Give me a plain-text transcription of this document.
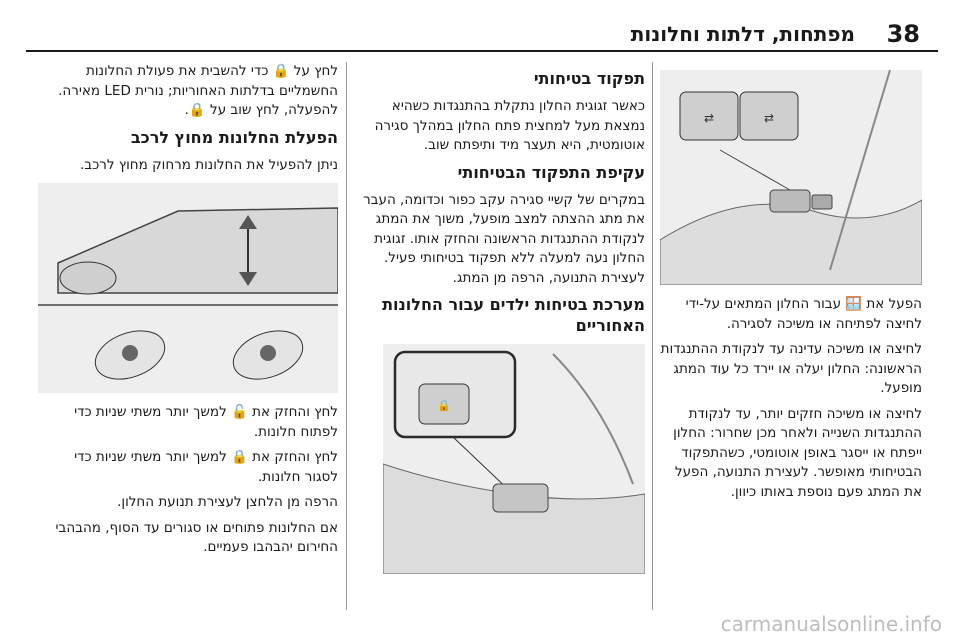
38
מפתחות, דלתות וחלונות
⇄	⇄

הפעל את 🪟 עבור החלון המתאים על-ידי לחיצה לפתיחה או משיכה לסגירה.

לחיצה או משיכה עדינה עד לנקודת ההתנגדות הראשונה: החלון יעלה או יירד כל עוד המתג מופעל.

לחיצה או משיכה חזקים יותר, עד לנקודת ההתנגדות השנייה ולאחר מכן שחרור: החלון ייפתח או ייסגר באופן אוטומטי, כשהתפקוד הבטיחותי מאופשר. לעצירת התנועה, הפעל את המתג פעם נוספת באותו כיוון.

תפקוד בטיחותי

כאשר זגוגית החלון נתקלת בהתנגדות כשהיא נמצאת מעל למחצית פתח החלון במהלך סגירה אוטומטית, היא תעצר מיד ותיפתח שוב.

עקיפת התפקוד הבטיחותי

במקרים של קשיי סגירה עקב כפור וכדומה, העבר את מתג ההצתה למצב מופעל, משוך את המתג לנקודת ההתנגדות הראשונה והחזק אותו. זגוגית החלון נעה למעלה ללא תפקוד בטיחותי פעיל. לעצירת התנועה, הרפה מן המתג.

מערכת בטיחות ילדים עבור החלונות האחוריים
🔒

לחץ על 🔒 כדי להשבית את פעולת החלונות החשמליים בדלתות האחוריות; נורית LED מאירה. להפעלה, לחץ שוב על 🔒.

הפעלת החלונות מחוץ לרכב

ניתן להפעיל את החלונות מרחוק מחוץ לרכב.

לחץ והחזק את 🔓 למשך יותר משתי שניות כדי לפתוח חלונות.

לחץ והחזק את 🔒 למשך יותר משתי שניות כדי לסגור חלונות.

הרפה מן הלחצן לעצירת תנועת החלון.

אם החלונות פתוחים או סגורים עד הסוף, מהבהבי החירום יהבהבו פעמיים.

carmanualsonline.info
